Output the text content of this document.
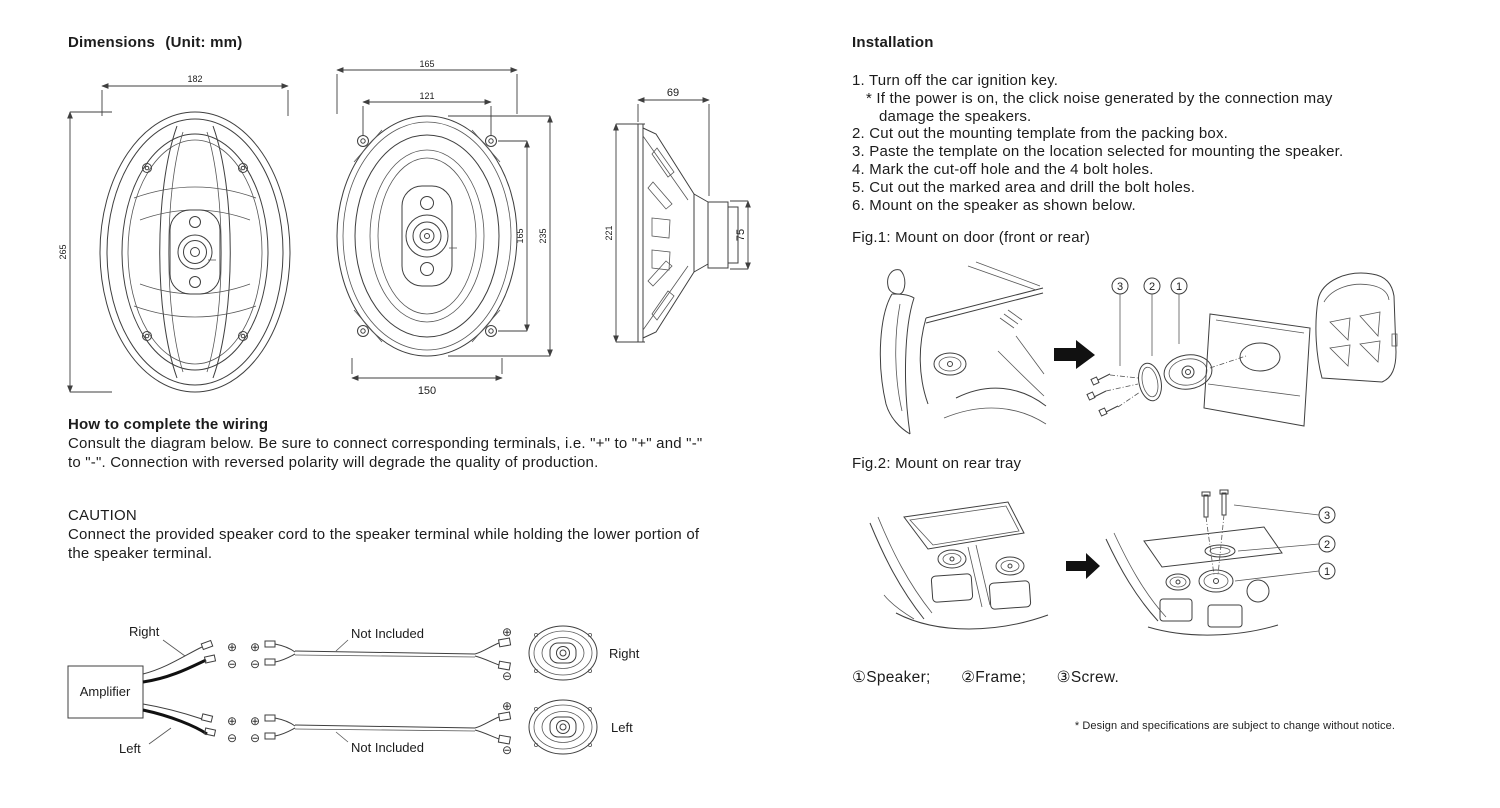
Dimensions (Unit: mm)
182
265
165
121
165 235
150
69
221	75
How to complete the wiring
Consult the diagram below. Be sure to connect corresponding terminals, i.e. "+" to "+" and "-" to "-". Connection with reversed polarity will degrade the quality of production.
CAUTION
Connect the provided speaker cord to the speaker terminal while holding the lower portion of the speaker terminal.
Amplifier
Right
Left
⊕
⊖
⊕
⊖
⊕
⊖
Right
Not Included
⊕
⊖
⊕
⊖
⊕
⊖
Left
Not Included
Installation
1. Turn off the car ignition key.
* If the power is on, the click noise generated by the connection may
damage the speakers.
2. Cut out the mounting template from the packing box.
3. Paste the template on the location selected for mounting the speaker.
4. Mark the cut-off hole and the 4 bolt holes.
5. Cut out the marked area and drill the bolt holes.
6. Mount on the speaker as shown below.
Fig.1: Mount on door (front or rear)
3 2 1
Fig.2: Mount on rear tray
3
2
1
①Speaker; ②Frame; ③Screw.
* Design and specifications are subject to change without notice.
